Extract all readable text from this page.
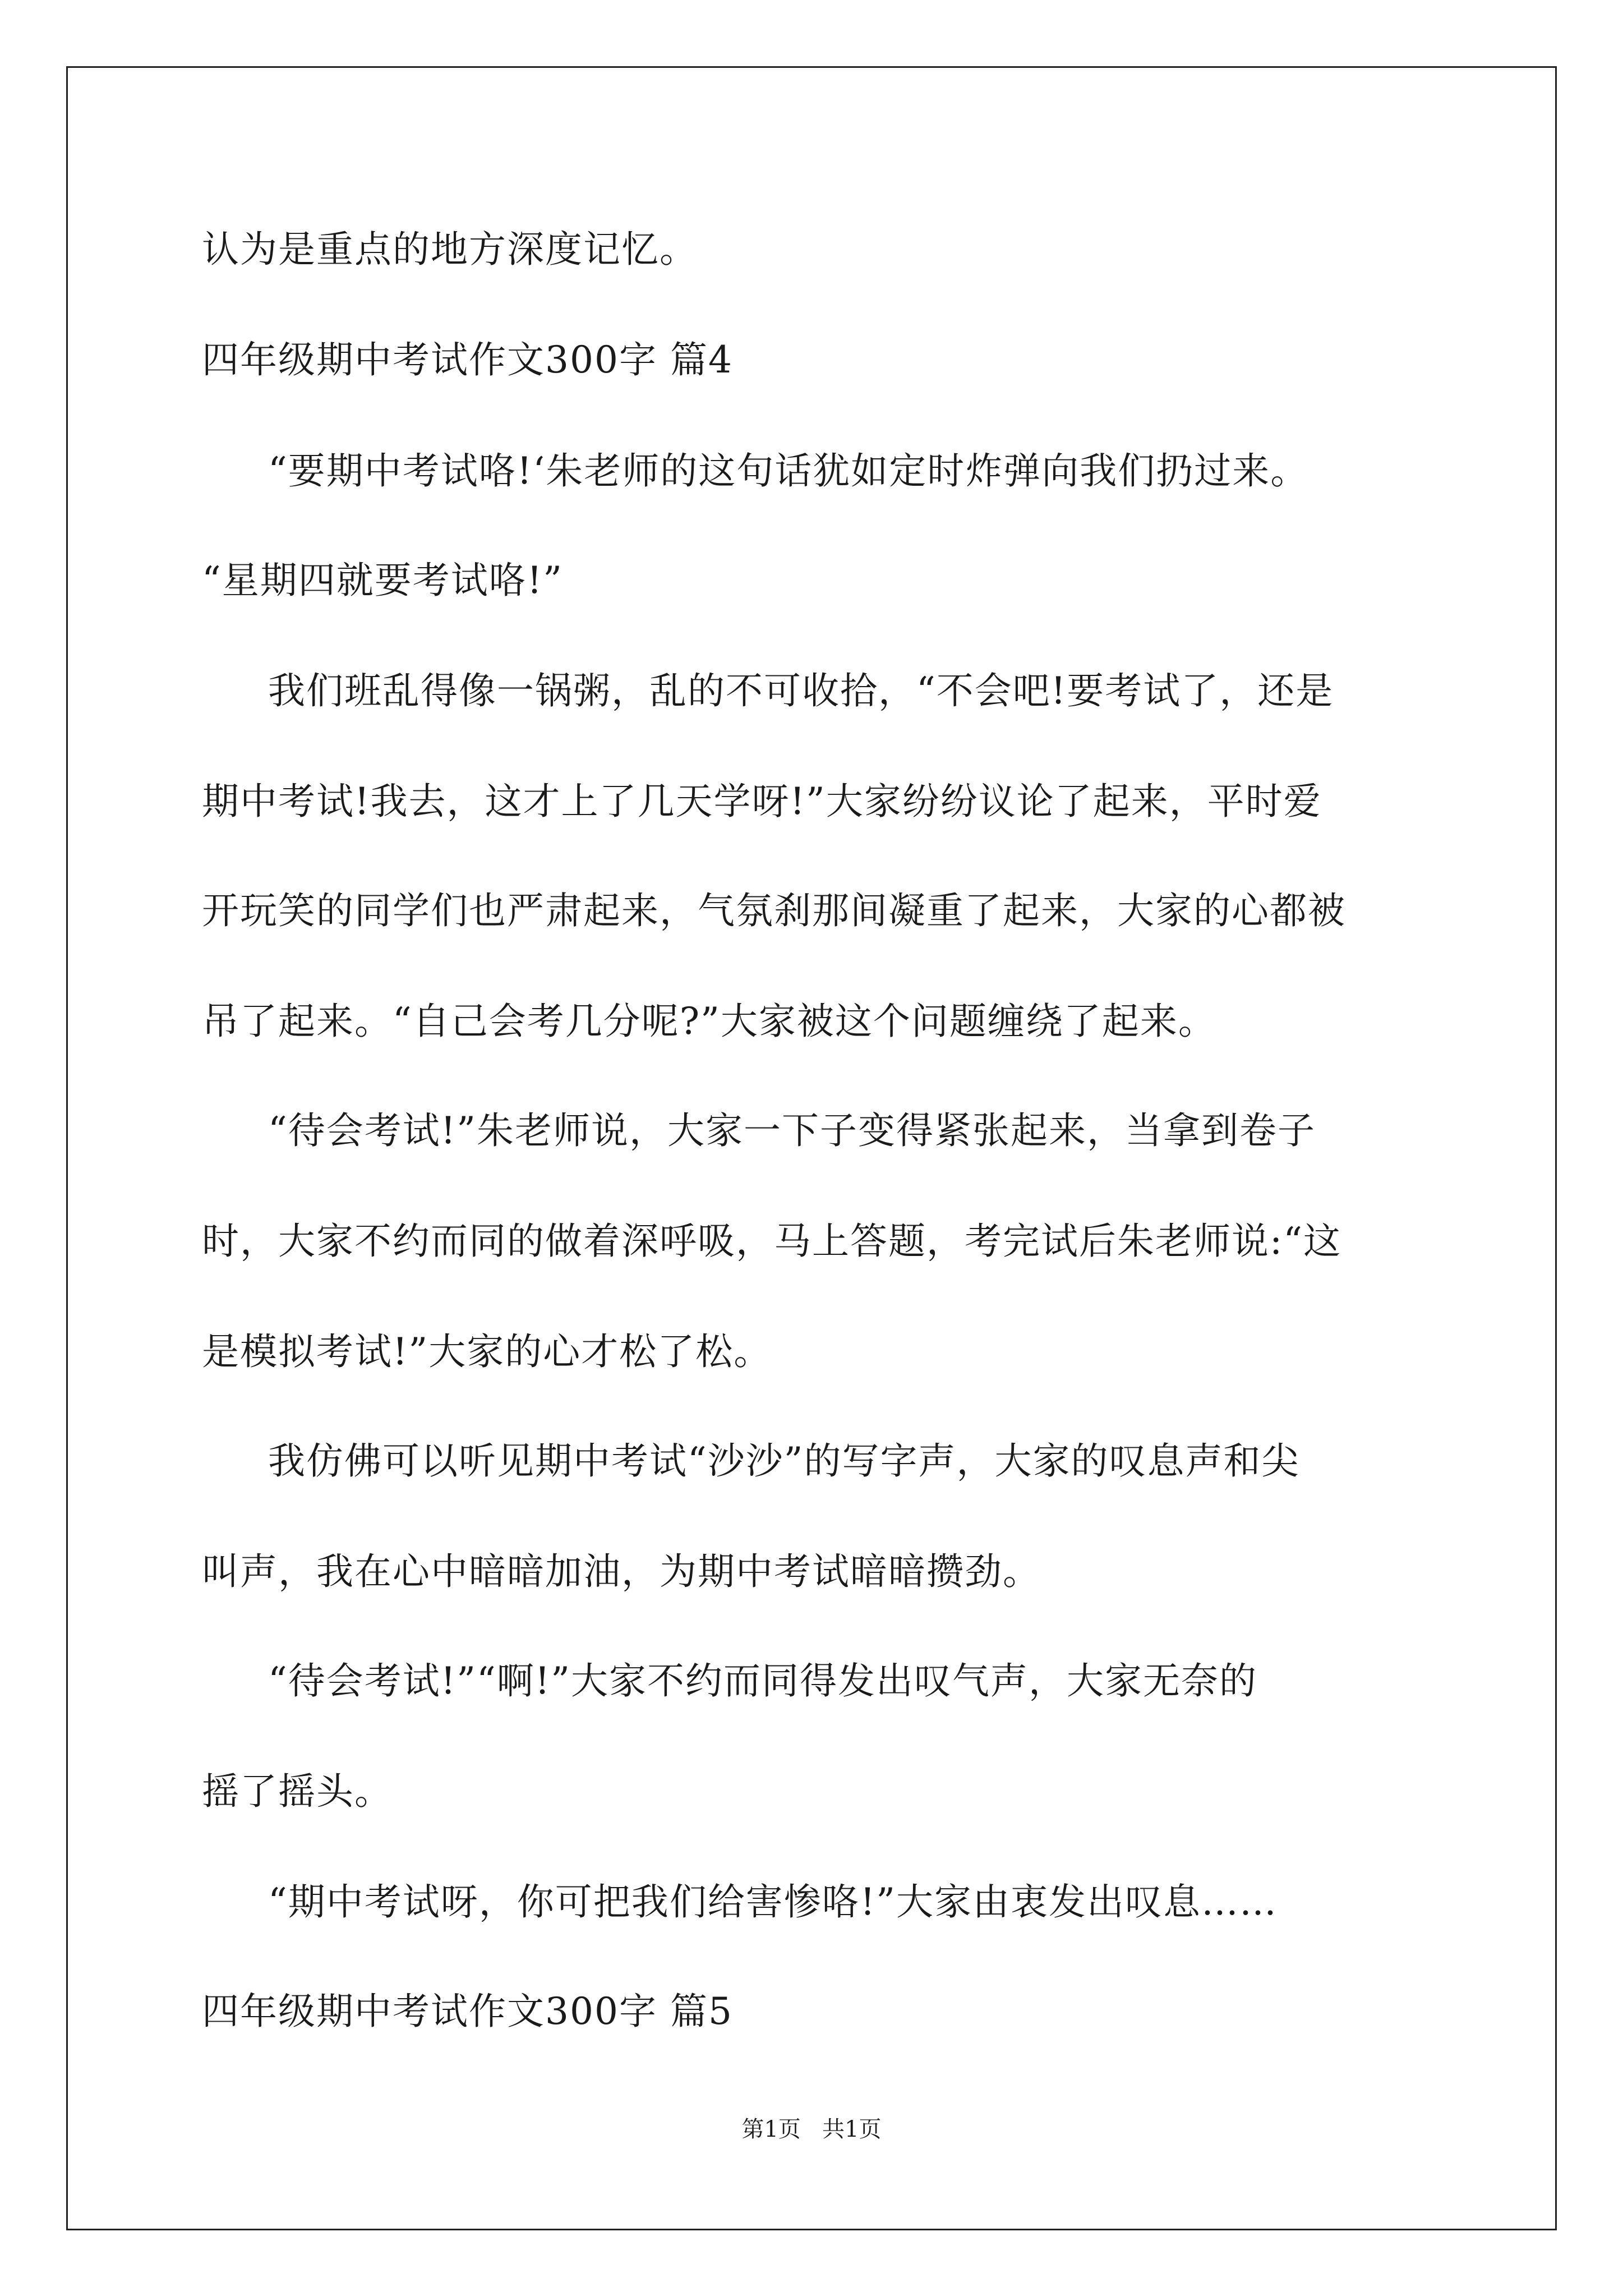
认为是重点的地方深度记忆。
四年级期中考试作文300字 篇4
“要期中考试咯!‘朱老师的这句话犹如定时炸弹向我们扔过来。
“星期四就要考试咯!”
我们班乱得像一锅粥，乱的不可收拾，“不会吧!要考试了，还是
期中考试!我去，这才上了几天学呀!”大家纷纷议论了起来，平时爱
开玩笑的同学们也严肃起来，气氛刹那间凝重了起来，大家的心都被
吊了起来。“自己会考几分呢?”大家被这个问题缠绕了起来。
“待会考试!”朱老师说，大家一下子变得紧张起来，当拿到卷子
时，大家不约而同的做着深呼吸，马上答题，考完试后朱老师说:“这
是模拟考试!”大家的心才松了松。
我仿佛可以听见期中考试“沙沙”的写字声，大家的叹息声和尖
叫声，我在心中暗暗加油，为期中考试暗暗攒劲。
“待会考试!”“啊!”大家不约而同得发出叹气声，大家无奈的
摇了摇头。
“期中考试呀，你可把我们给害惨咯!”大家由衷发出叹息……
四年级期中考试作文300字 篇5
第1页   共1页
